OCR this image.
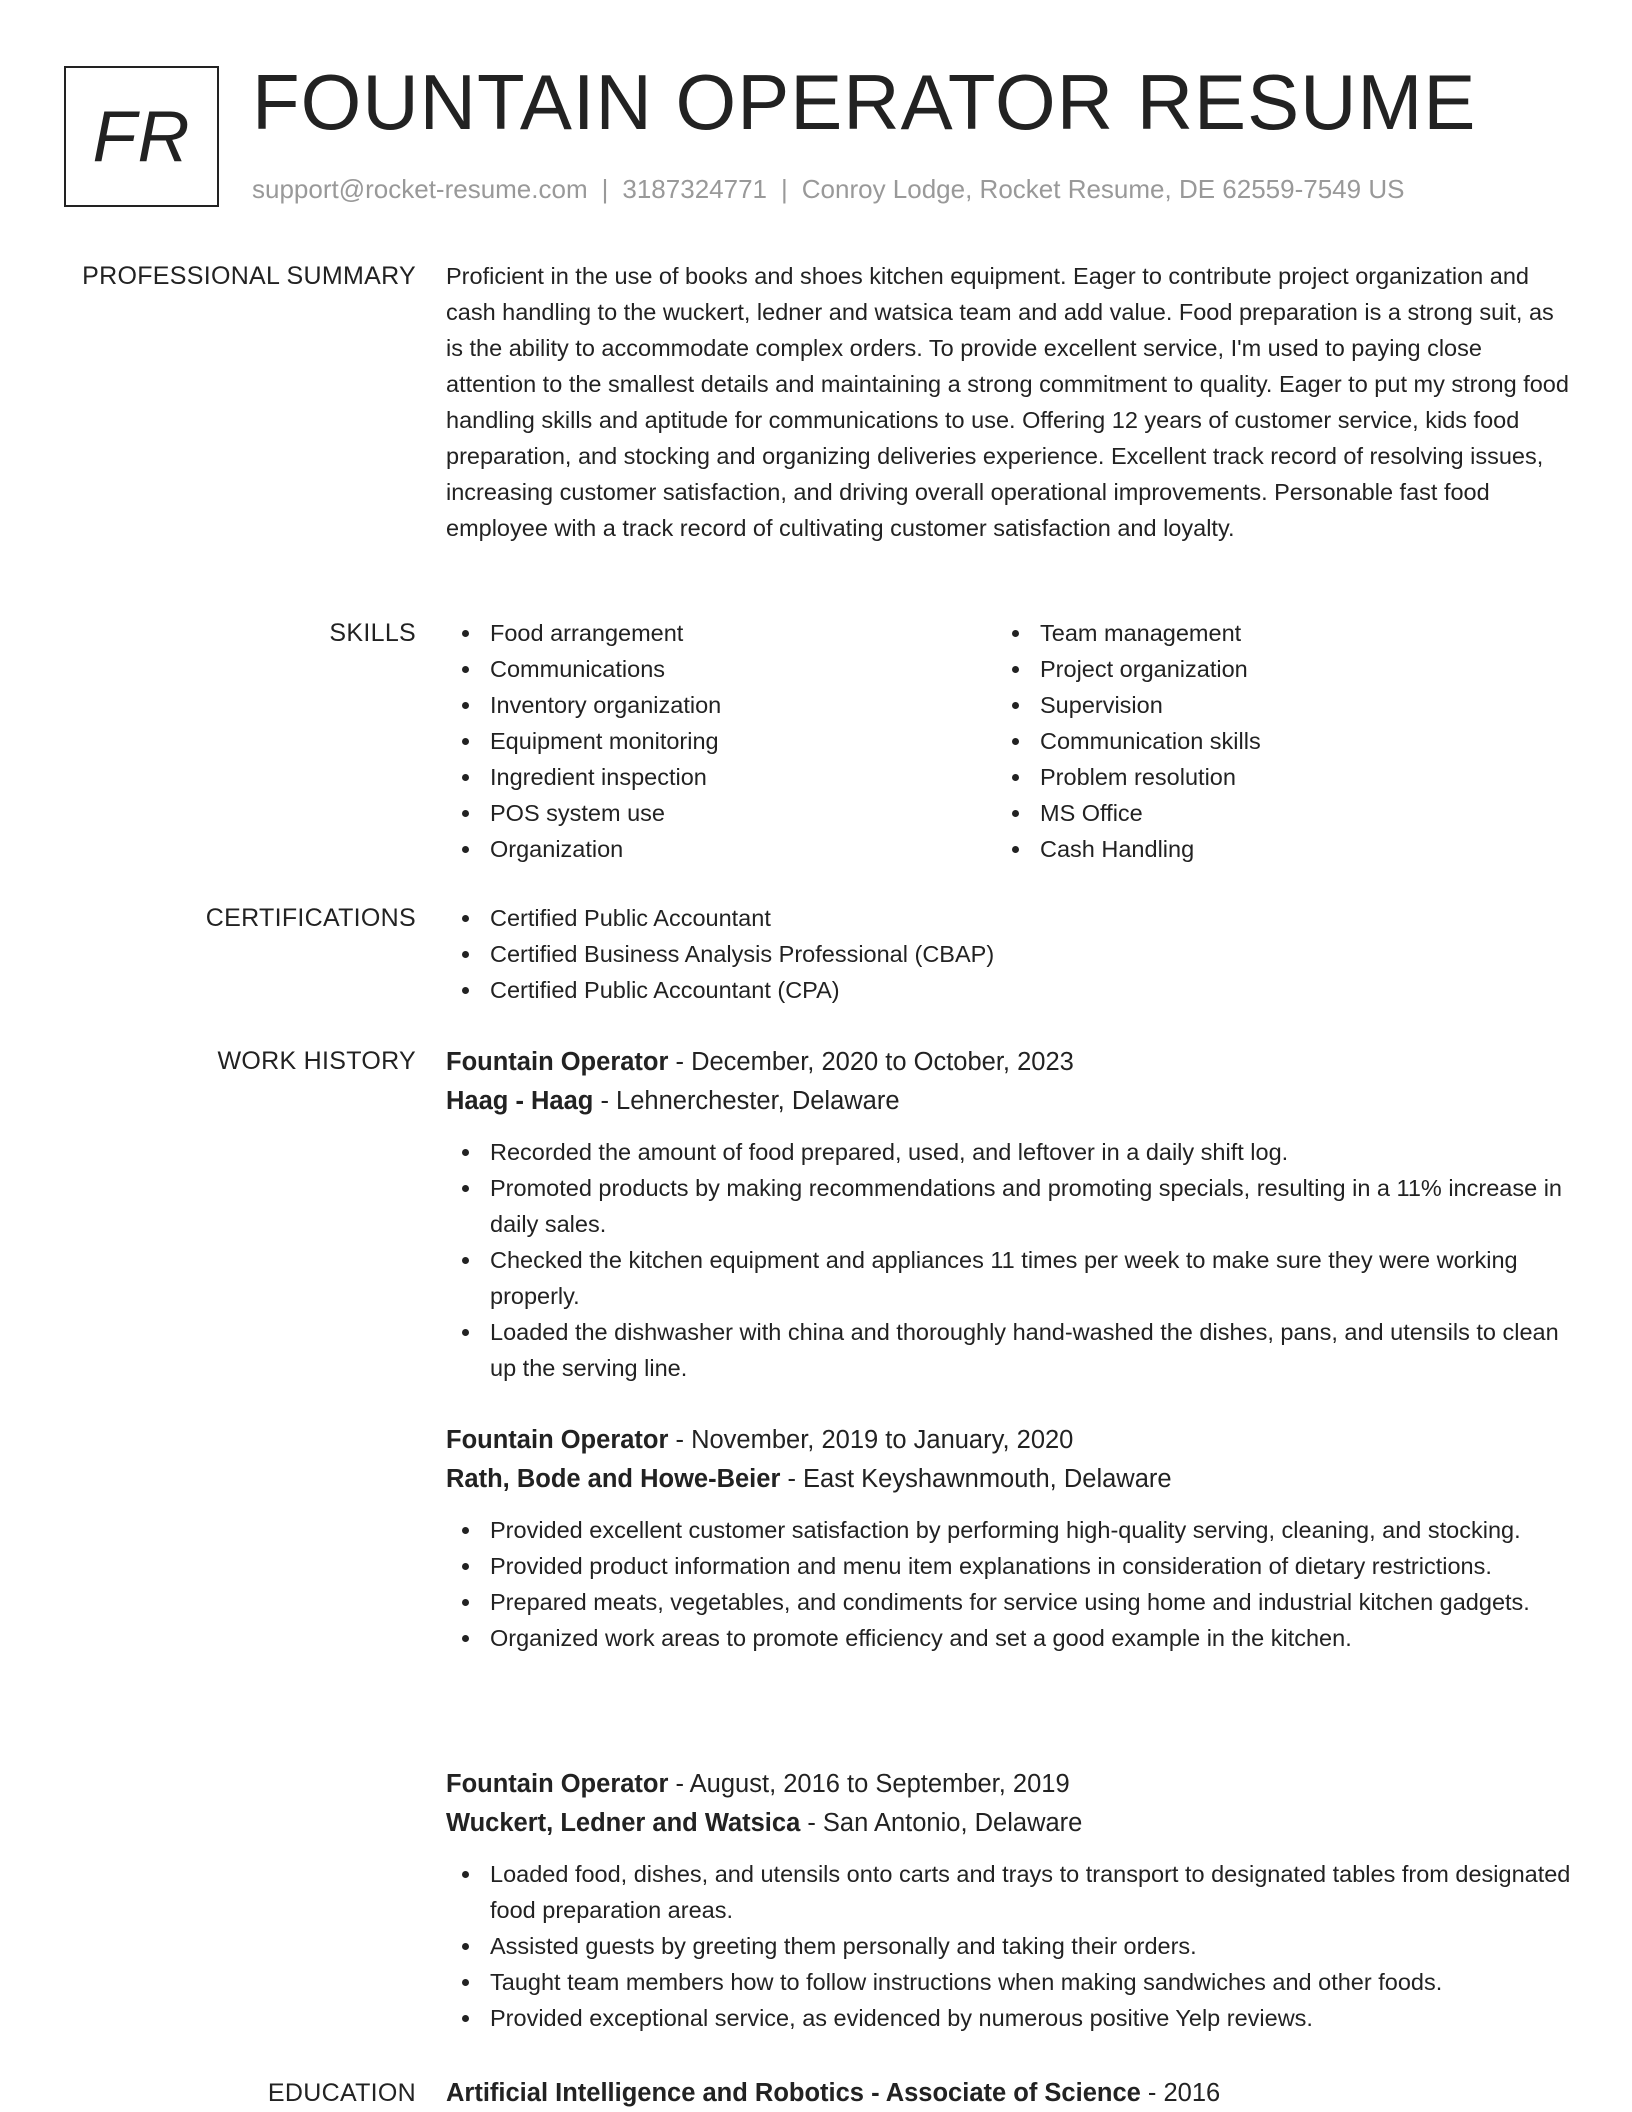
FR FOUNTAIN OPERATOR RESUME
support@rocket-resume.com | 3187324771 | Conroy Lodge, Rocket Resume, DE 62559-7549 US
PROFESSIONAL SUMMARY Proficient in the use of books and shoes kitchen equipment. Eager to contribute project organization and cash handling to the wuckert, ledner and watsica team and add value. Food preparation is a strong suit, as is the ability to accommodate complex orders. To provide excellent service, I'm used to paying close attention to the smallest details and maintaining a strong commitment to quality. Eager to put my strong food handling skills and aptitude for communications to use. Offering 12 years of customer service, kids food preparation, and stocking and organizing deliveries experience. Excellent track record of resolving issues, increasing customer satisfaction, and driving overall operational improvements. Personable fast food employee with a track record of cultivating customer satisfaction and loyalty.

SKILLS	Food arrangement
Communications
Inventory organization
Equipment monitoring
Ingredient inspection
POS system use
Organization
Team management
Project organization
Supervision
Communication skills
Problem resolution
MS Office
Cash Handling
CERTIFICATIONS	Certified Public Accountant
Certified Business Analysis Professional (CBAP)
Certified Public Accountant (CPA)
WORK HISTORY Fountain Operator - December, 2020 to October, 2023
Haag - Haag - Lehnerchester, Delaware
Recorded the amount of food prepared, used, and leftover in a daily shift log.
Promoted products by making recommendations and promoting specials, resulting in a 11% increase in daily sales.
Checked the kitchen equipment and appliances 11 times per week to make sure they were working properly.
Loaded the dishwasher with china and thoroughly hand-washed the dishes, pans, and utensils to clean up the serving line.
Fountain Operator - November, 2019 to January, 2020
Rath, Bode and Howe-Beier - East Keyshawnmouth, Delaware
Provided excellent customer satisfaction by performing high-quality serving, cleaning, and stocking.
Provided product information and menu item explanations in consideration of dietary restrictions.
Prepared meats, vegetables, and condiments for service using home and industrial kitchen gadgets.
Organized work areas to promote efficiency and set a good example in the kitchen.
Fountain Operator - August, 2016 to September, 2019
Wuckert, Ledner and Watsica - San Antonio, Delaware
Loaded food, dishes, and utensils onto carts and trays to transport to designated tables from designated food preparation areas.
Assisted guests by greeting them personally and taking their orders.
Taught team members how to follow instructions when making sandwiches and other foods.
Provided exceptional service, as evidenced by numerous positive Yelp reviews.
EDUCATION Artificial Intelligence and Robotics - Associate of Science - 2016
